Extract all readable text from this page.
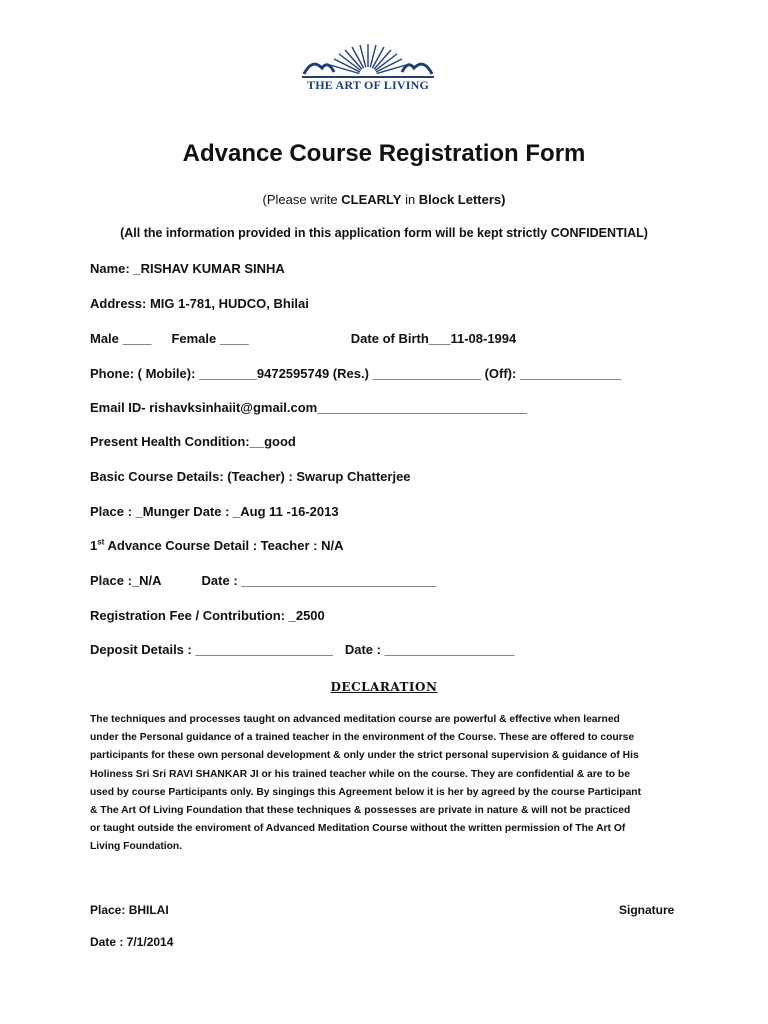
THE ART OF LIVING
Advance Course Registration Form
(Please write CLEARLY in Block Letters)
(All the information provided in this application form will be kept strictly CONFIDENTIAL)
Name: _RISHAV KUMAR SINHA
Address: MIG 1-781, HUDCO, Bhilai
Male ____ Female ____	Date of Birth___11-08-1994
Phone: ( Mobile): ________9472595749 (Res.) _______________ (Off): ______________
Email ID- rishavksinhaiit@gmail.com_____________________________
Present Health Condition:__good
Basic Course Details: (Teacher) : Swarup Chatterjee
Place : _Munger Date : _Aug 11 -16-2013
1st Advance Course Detail : Teacher : N/A
Place :_N/A	Date : ___________________________
Registration Fee / Contribution: _2500
Deposit Details : ___________________ Date : __________________
DECLARATION
The techniques and processes taught on advanced meditation course are powerful & effective when learned
under the Personal guidance of a trained teacher in the environment of the Course. These are offered to course
participants for these own personal development & only under the strict personal supervision & guidance of His
Holiness Sri Sri RAVI SHANKAR JI or his trained teacher while on the course. They are confidential & are to be
used by course Participants only. By singings this Agreement below it is her by agreed by the course Participant
& The Art Of Living Foundation that these techniques & possesses are private in nature & will not be practiced
or taught outside the enviroment of Advanced Meditation Course without the written permission of The Art Of
Living Foundation.
Place: BHILAI	Signature
Date : 7/1/2014
